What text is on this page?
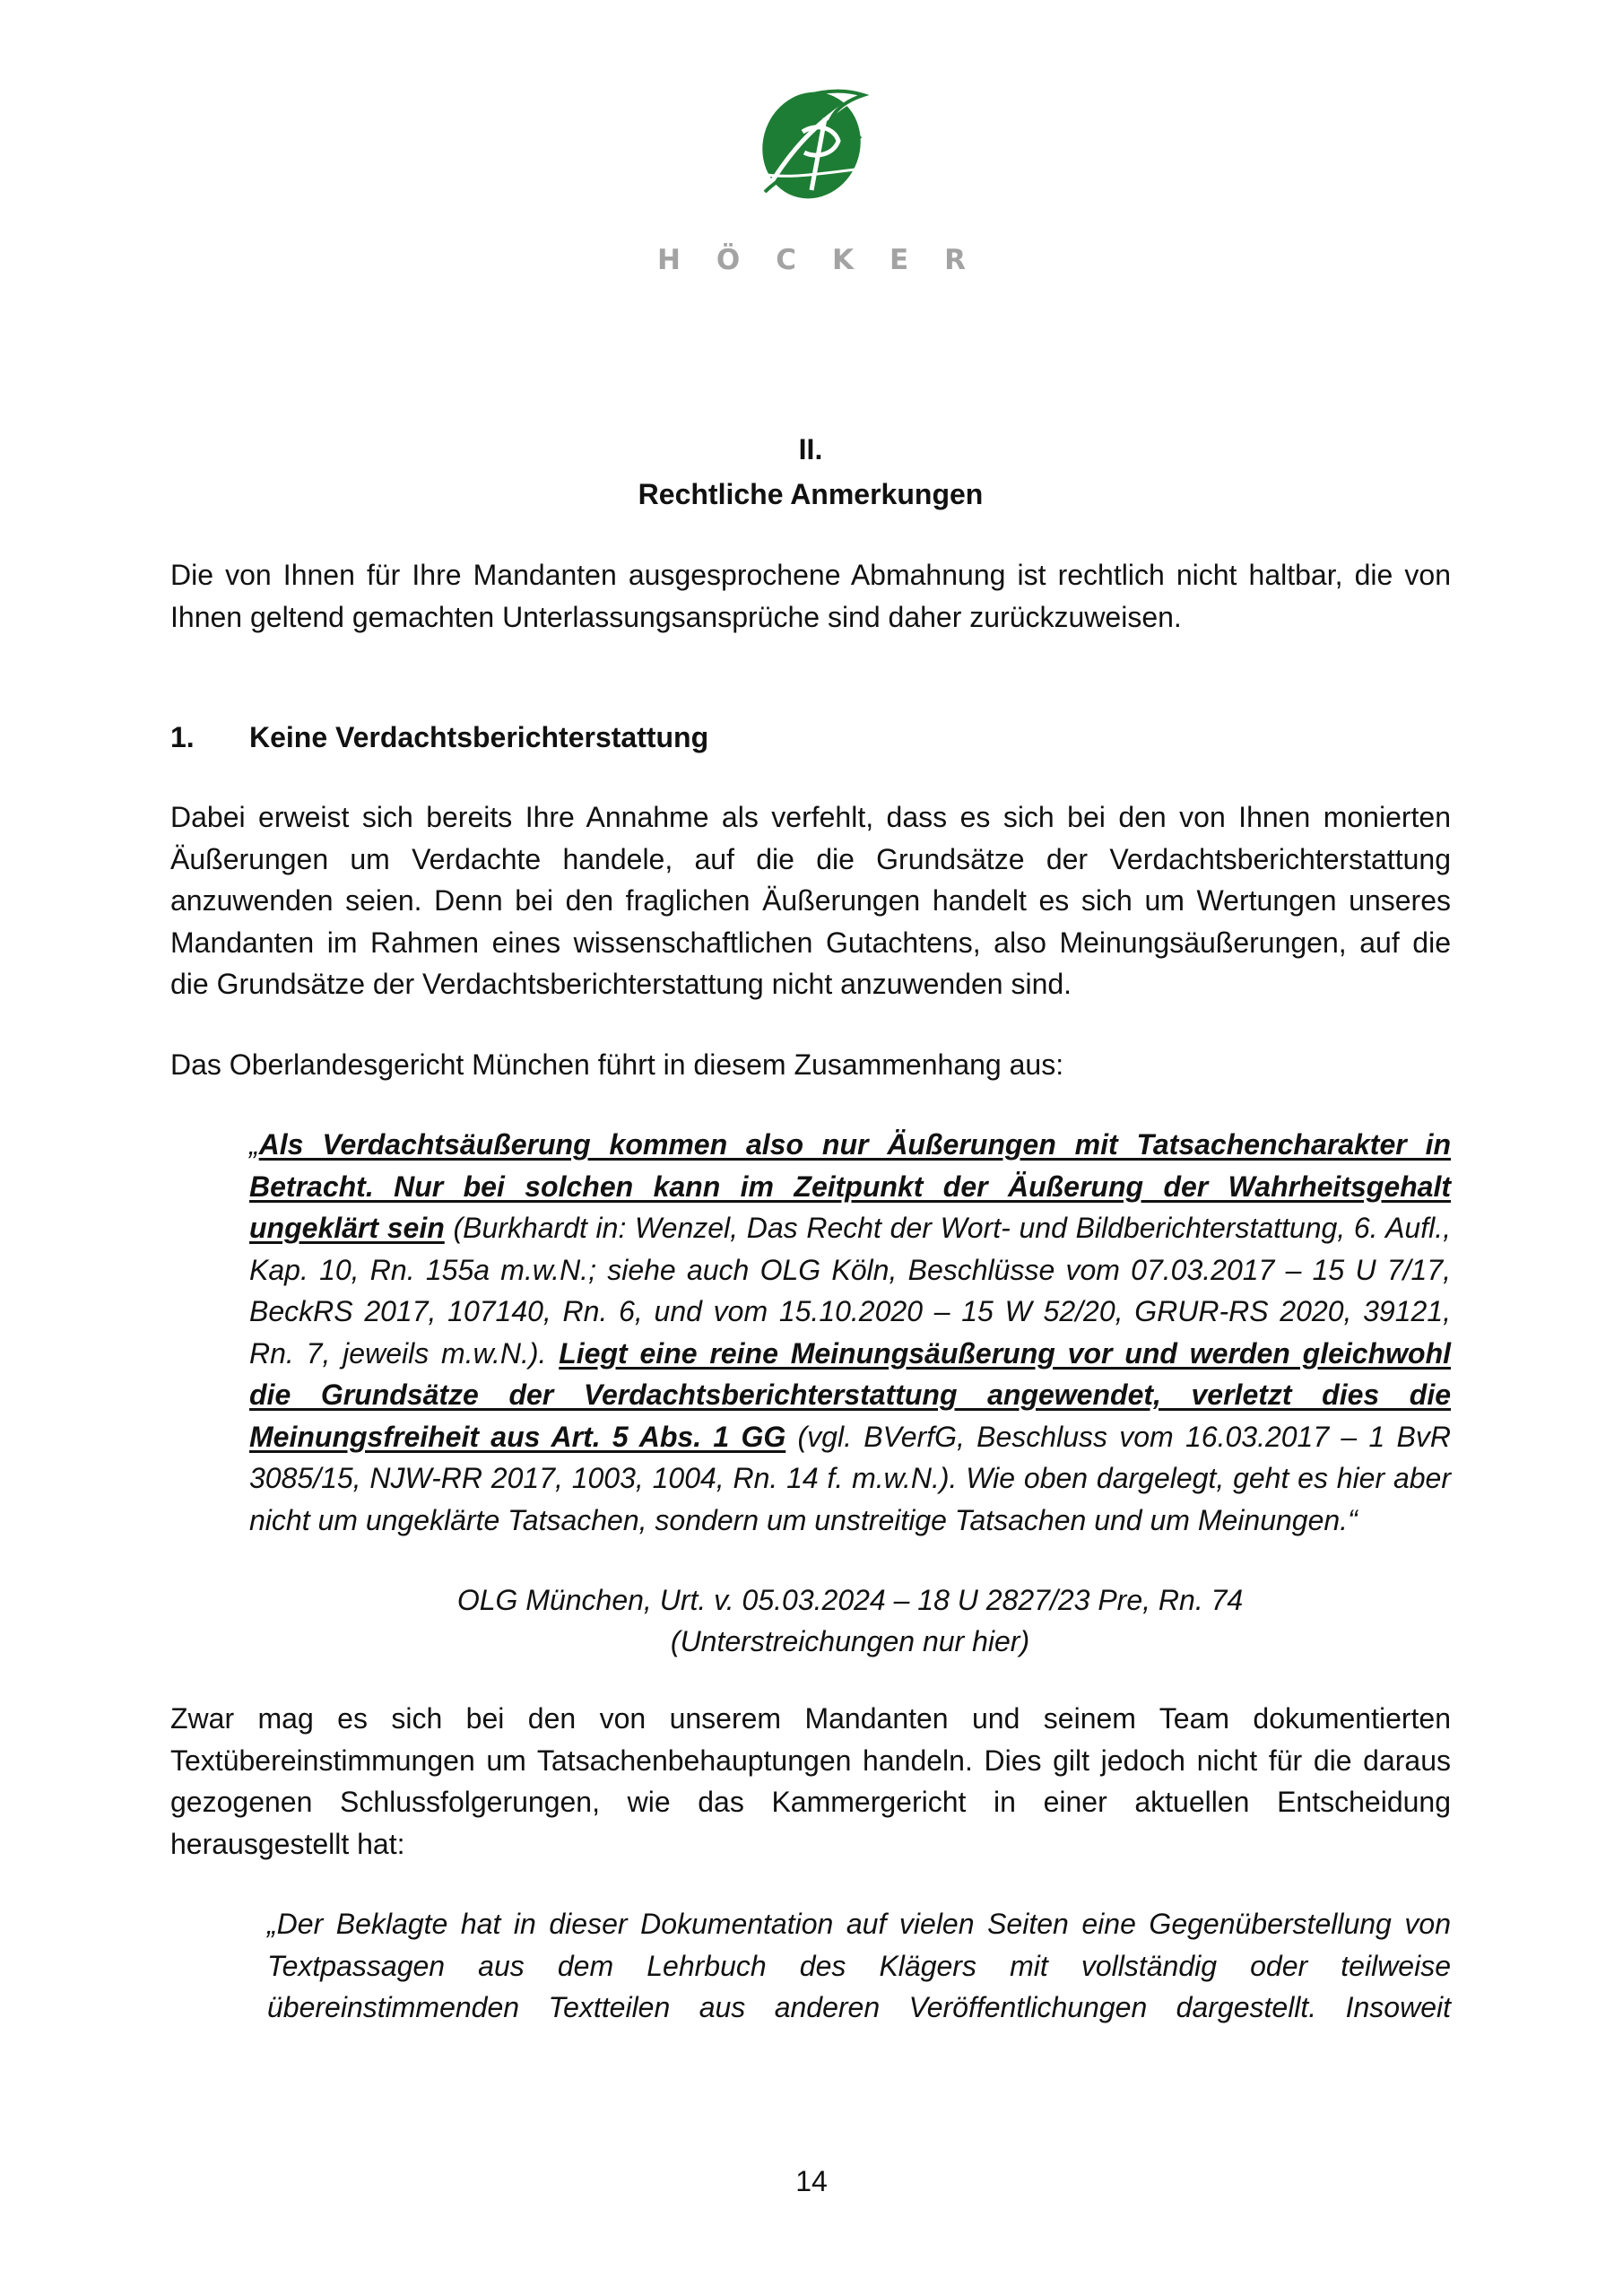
HÖCKER
II.
Rechtliche Anmerkungen

Die von Ihnen für Ihre Mandanten ausgesprochene Abmahnung ist rechtlich nicht haltbar, die von Ihnen geltend gemachten Unterlassungsansprüche sind daher zurückzuweisen.

1. Keine Verdachtsberichterstattung

Dabei erweist sich bereits Ihre Annahme als verfehlt, dass es sich bei den von Ihnen monierten Äußerungen um Verdachte handele, auf die die Grundsätze der Verdachtsberichterstattung anzuwenden seien. Denn bei den fraglichen Äußerungen handelt es sich um Wertungen unseres Mandanten im Rahmen eines wissenschaftlichen Gutachtens, also Meinungsäußerungen, auf die die Grundsätze der Verdachtsberichterstattung nicht anzuwenden sind.

Das Oberlandesgericht München führt in diesem Zusammenhang aus:

„Als Verdachtsäußerung kommen also nur Äußerungen mit Tatsachencharakter in Betracht. Nur bei solchen kann im Zeitpunkt der Äußerung der Wahrheitsgehalt ungeklärt sein (Burkhardt in: Wenzel, Das Recht der Wort- und Bildberichterstattung, 6. Aufl., Kap. 10, Rn. 155a m.w.N.; siehe auch OLG Köln, Beschlüsse vom 07.03.2017 – 15 U 7/17, BeckRS 2017, 107140, Rn. 6, und vom 15.10.2020 – 15 W 52/20, GRUR-RS 2020, 39121, Rn. 7, jeweils m.w.N.). Liegt eine reine Meinungsäußerung vor und werden gleichwohl die Grundsätze der Verdachtsberichterstattung angewendet, verletzt dies die Meinungsfreiheit aus Art. 5 Abs. 1 GG (vgl. BVerfG, Beschluss vom 16.03.2017 – 1 BvR 3085/15, NJW-RR 2017, 1003, 1004, Rn. 14 f. m.w.N.). Wie oben dargelegt, geht es hier aber nicht um ungeklärte Tatsachen, sondern um unstreitige Tatsachen und um Meinungen.“

OLG München, Urt. v. 05.03.2024 – 18 U 2827/23 Pre, Rn. 74
(Unterstreichungen nur hier)

Zwar mag es sich bei den von unserem Mandanten und seinem Team dokumentierten Textübereinstimmungen um Tatsachenbehauptungen handeln. Dies gilt jedoch nicht für die daraus gezogenen Schlussfolgerungen, wie das Kammergericht in einer aktuellen Entscheidung herausgestellt hat:

„Der Beklagte hat in dieser Dokumentation auf vielen Seiten eine Gegenüberstellung von Textpassagen aus dem Lehrbuch des Klägers mit vollständig oder teilweise übereinstimmenden Textteilen aus anderen Veröffentlichungen dargestellt. Insoweit

14
